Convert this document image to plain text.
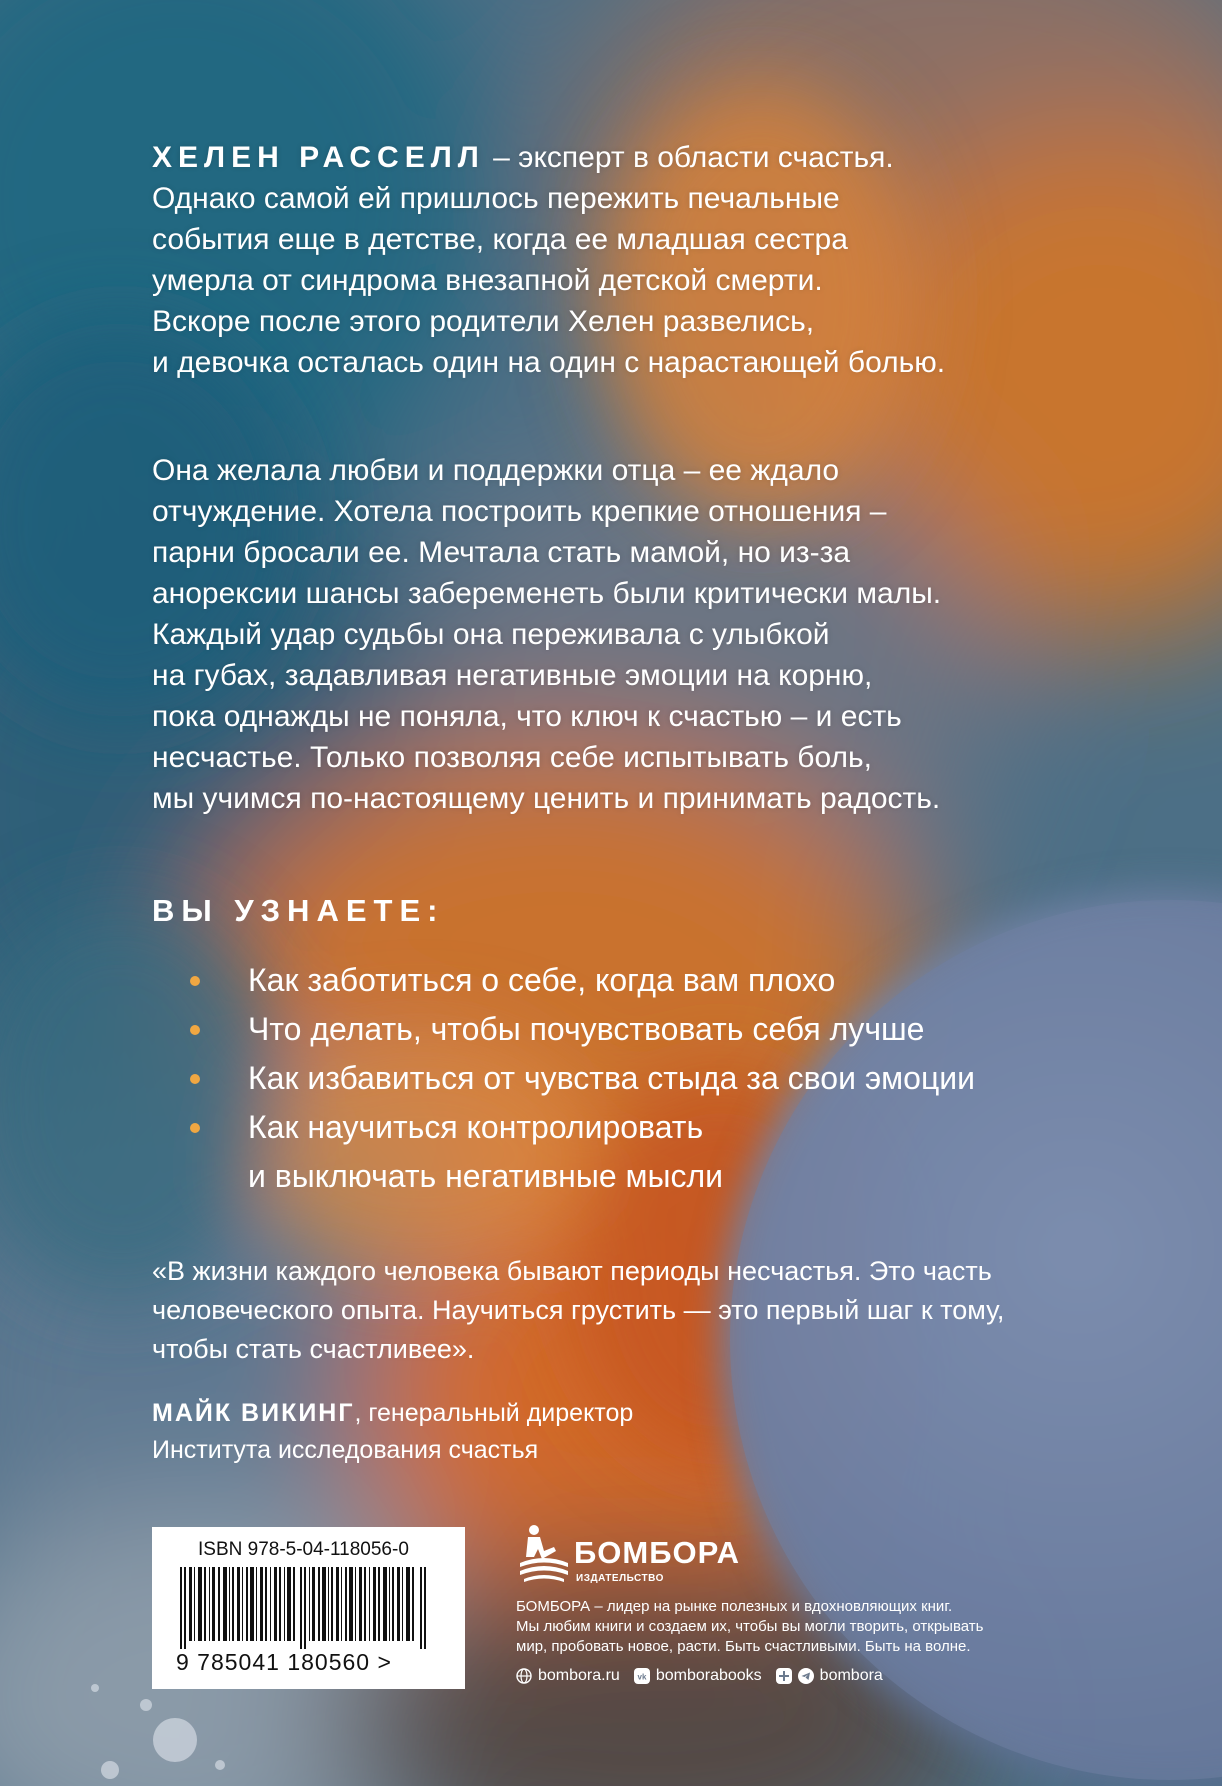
ХЕЛЕН РАССЕЛЛ – эксперт в области счастья.
Однако самой ей пришлось пережить печальные
события еще в детстве, когда ее младшая сестра
умерла от синдрома внезапной детской смерти.
Вскоре после этого родители Хелен развелись,
и девочка осталась один на один с нарастающей болью.
Она желала любви и поддержки отца – ее ждало
отчуждение. Хотела построить крепкие отношения –
парни бросали ее. Мечтала стать мамой, но из-за
анорексии шансы забеременеть были критически малы.
Каждый удар судьбы она переживала с улыбкой
на губах, задавливая негативные эмоции на корню,
пока однажды не поняла, что ключ к счастью – и есть
несчастье. Только позволяя себе испытывать боль,
мы учимся по-настоящему ценить и принимать радость.
ВЫ УЗНАЕТЕ:
Как заботиться о себе, когда вам плохо
Что делать, чтобы почувствовать себя лучше
Как избавиться от чувства стыда за свои эмоции
Как научиться контролировать
и выключать негативные мысли
«В жизни каждого человека бывают периоды несчастья. Это часть
человеческого опыта. Научиться грустить — это первый шаг к тому,
чтобы стать счастливее».
МАЙК ВИКИНГ, генеральный директор
Института исследования счастья
ISBN 978-5-04-118056-0
9 785041 180560 >
БОМБОРА
ИЗДАТЕЛЬСТВО
БОМБОРА – лидер на рынке полезных и вдохновляющих книг.
Мы любим книги и создаем их, чтобы вы могли творить, открывать
мир, пробовать новое, расти. Быть счастливыми. Быть на волне.
bombora.ru vk bomborabooks	bombora
